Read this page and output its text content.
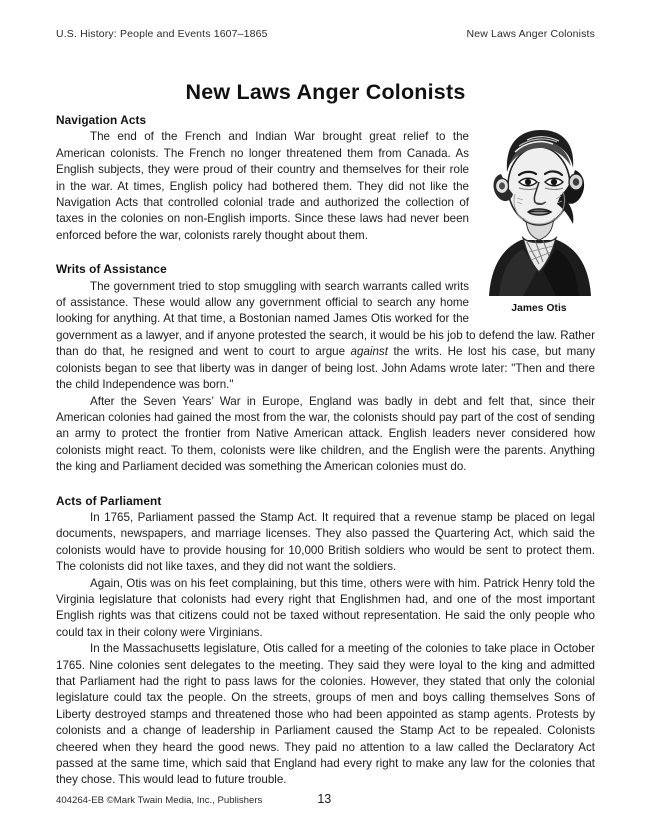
U.S. History: People and Events 1607–1865	New Laws Anger Colonists
New Laws Anger Colonists
James Otis
Navigation Acts

The end of the French and Indian War brought great relief to the American colonists. The French no longer threatened them from Canada. As English subjects, they were proud of their country and themselves for their role in the war. At times, English policy had bothered them. They did not like the Navigation Acts that controlled colonial trade and authorized the collection of taxes in the colonies on non-English imports. Since these laws had never been enforced before the war, colonists rarely thought about them.

Writs of Assistance

The government tried to stop smuggling with search warrants called writs of assistance. These would allow any government official to search any home looking for anything. At that time, a Bostonian named James Otis worked for the government as a lawyer, and if anyone protested the search, it would be his job to defend the law. Rather than do that, he resigned and went to court to argue against the writs. He lost his case, but many colonists began to see that liberty was in danger of being lost. John Adams wrote later: "Then and there the child Independence was born."

After the Seven Years’ War in Europe, England was badly in debt and felt that, since their American colonies had gained the most from the war, the colonists should pay part of the cost of sending an army to protect the frontier from Native American attack. English leaders never considered how colonists might react. To them, colonists were like children, and the English were the parents. Anything the king and Parliament decided was something the American colonies must do.

Acts of Parliament

In 1765, Parliament passed the Stamp Act. It required that a revenue stamp be placed on legal documents, newspapers, and marriage licenses. They also passed the Quartering Act, which said the colonists would have to provide housing for 10,000 British soldiers who would be sent to protect them. The colonists did not like taxes, and they did not want the soldiers.

Again, Otis was on his feet complaining, but this time, others were with him. Patrick Henry told the Virginia legislature that colonists had every right that Englishmen had, and one of the most important English rights was that citizens could not be taxed without representation. He said the only people who could tax in their colony were Virginians.

In the Massachusetts legislature, Otis called for a meeting of the colonies to take place in October 1765. Nine colonies sent delegates to the meeting. They said they were loyal to the king and admitted that Parliament had the right to pass laws for the colonies. However, they stated that only the colonial legislature could tax the people. On the streets, groups of men and boys calling themselves Sons of Liberty destroyed stamps and threatened those who had been appointed as stamp agents. Protests by colonists and a change of leadership in Parliament caused the Stamp Act to be repealed. Colonists cheered when they heard the good news. They paid no attention to a law called the Declaratory Act passed at the same time, which said that England had every right to make any law for the colonies that they chose. This would lead to future trouble.

404264-EB ©Mark Twain Media, Inc., Publishers	13
